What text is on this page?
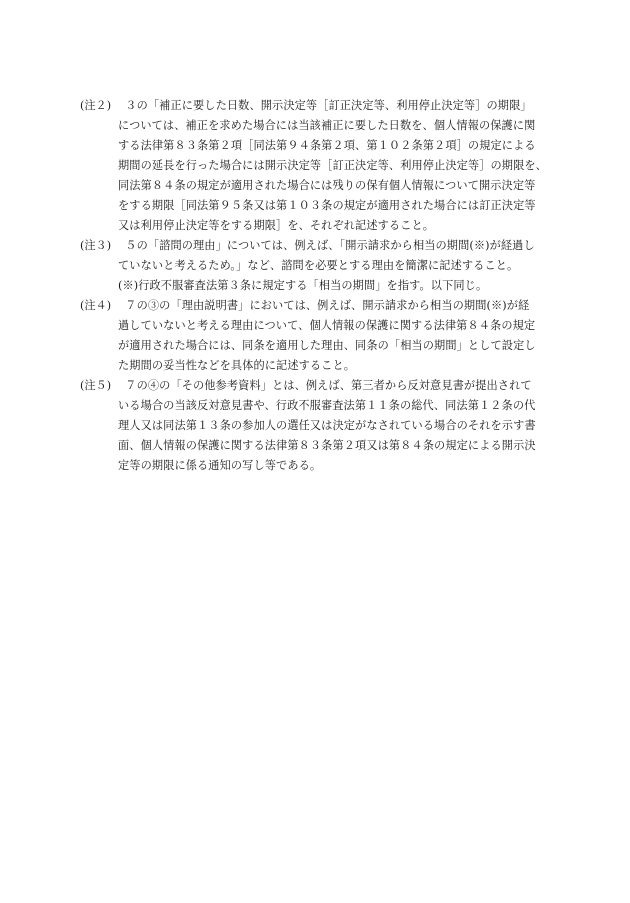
(注２) 　３の「補正に要した日数、開示決定等［訂正決定等、利用停止決定等］の期限」
については、補正を求めた場合には当該補正に要した日数を、個人情報の保護に関
する法律第８３条第２項［同法第９４条第２項、第１０２条第２項］の規定による
期間の延長を行った場合には開示決定等［訂正決定等、利用停止決定等］の期限を、
同法第８４条の規定が適用された場合には残りの保有個人情報について開示決定等
をする期限［同法第９５条又は第１０３条の規定が適用された場合には訂正決定等
又は利用停止決定等をする期限］を、それぞれ記述すること。
(注３) 　５の「諮問の理由」については、例えば、「開示請求から相当の期間(※)が経過し
ていないと考えるため。」など、諮問を必要とする理由を簡潔に記述すること。
(※)行政不服審査法第３条に規定する「相当の期間」を指す。以下同じ。
(注４) 　７の③の「理由説明書」においては、例えば、開示請求から相当の期間(※)が経
過していないと考える理由について、個人情報の保護に関する法律第８４条の規定
が適用された場合には、同条を適用した理由、同条の「相当の期間」として設定し
た期間の妥当性などを具体的に記述すること。
(注５) 　７の④の「その他参考資料」とは、例えば、第三者から反対意見書が提出されて
いる場合の当該反対意見書や、行政不服審査法第１１条の総代、同法第１２条の代
理人又は同法第１３条の参加人の選任又は決定がなされている場合のそれを示す書
面、個人情報の保護に関する法律第８３条第２項又は第８４条の規定による開示決
定等の期限に係る通知の写し等である。
